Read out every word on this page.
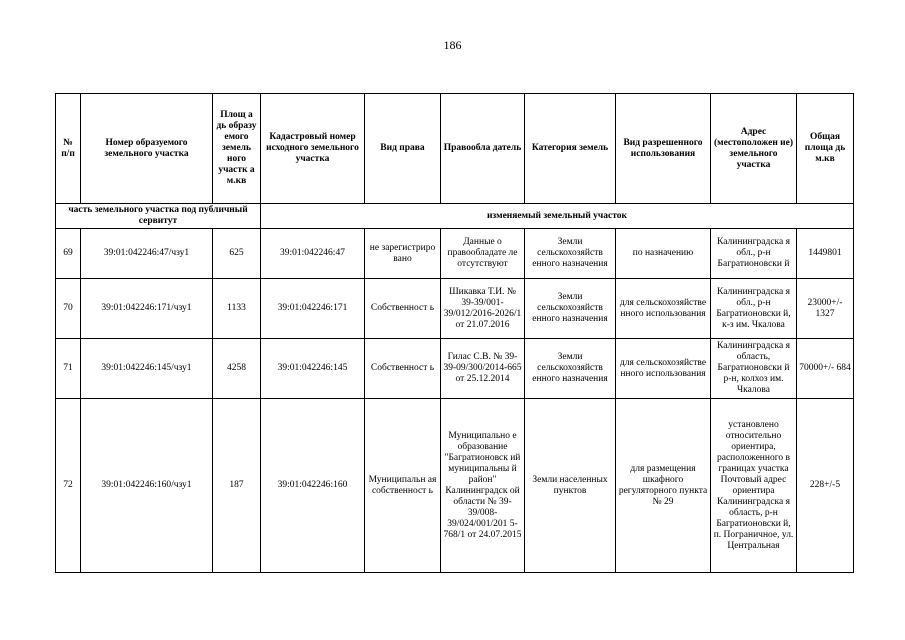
186
№ п/п	Номер образуемого земельного участка	Площ а дь образу емого земель ного участк а м.кв	Кадастровый номер исходного земельного участка	Вид права	Правообла датель	Категория земель	Вид разрешенного использования	Адрес (местоположен ие) земельного участка	Общая площа дь м.кв
часть земельного участка под публичный сервитут			изменяемый земельный участок						
69	39:01:042246:47/чзу1	625	39:01:042246:47	не зарегистриро вано	Данные о правообладате ле отсутствуют	Земли сельскохозяйств енного назначения	по назначению	Калининградска я обл., р-н Багратионовски й	1449801
70	39:01:042246:171/чзу1	1133	39:01:042246:171	Собственност ь	Шикавка Т.И. № 39-39/001-39/012/2016-2026/1 от 21.07.2016	Земли сельскохозяйств енного назначения	для сельскохозяйстве нного использования	Калининградска я обл., р-н Багратионовски й, к-з им. Чкалова	23000+/- 1327
71	39:01:042246:145/чзу1	4258	39:01:042246:145	Собственност ь	Гилас С.В. № 39-39-09/300/2014-665 от 25.12.2014	Земли сельскохозяйств енного назначения	для сельскохозяйстве нного использования	Калининградска я область, Багратионовски й р-н, колхоз им. Чкалова	70000+/- 684
72	39:01:042246:160/чзу1	187	39:01:042246:160	Муниципальн ая собственност ь	Муниципально е образование "Багратионовск ий муниципальны й район" Калининградск ой области № 39-39/008-39/024/001/201 5-768/1 от 24.07.2015	Земли населенных пунктов	для размещения шкафного регуляторного пункта № 29	установлено относительно ориентира, расположенного в границах участка Почтовый адрес ориентира Калининградска я область, р-н Багратионовски й, п. Пограничное, ул. Центральная	228+/-5
